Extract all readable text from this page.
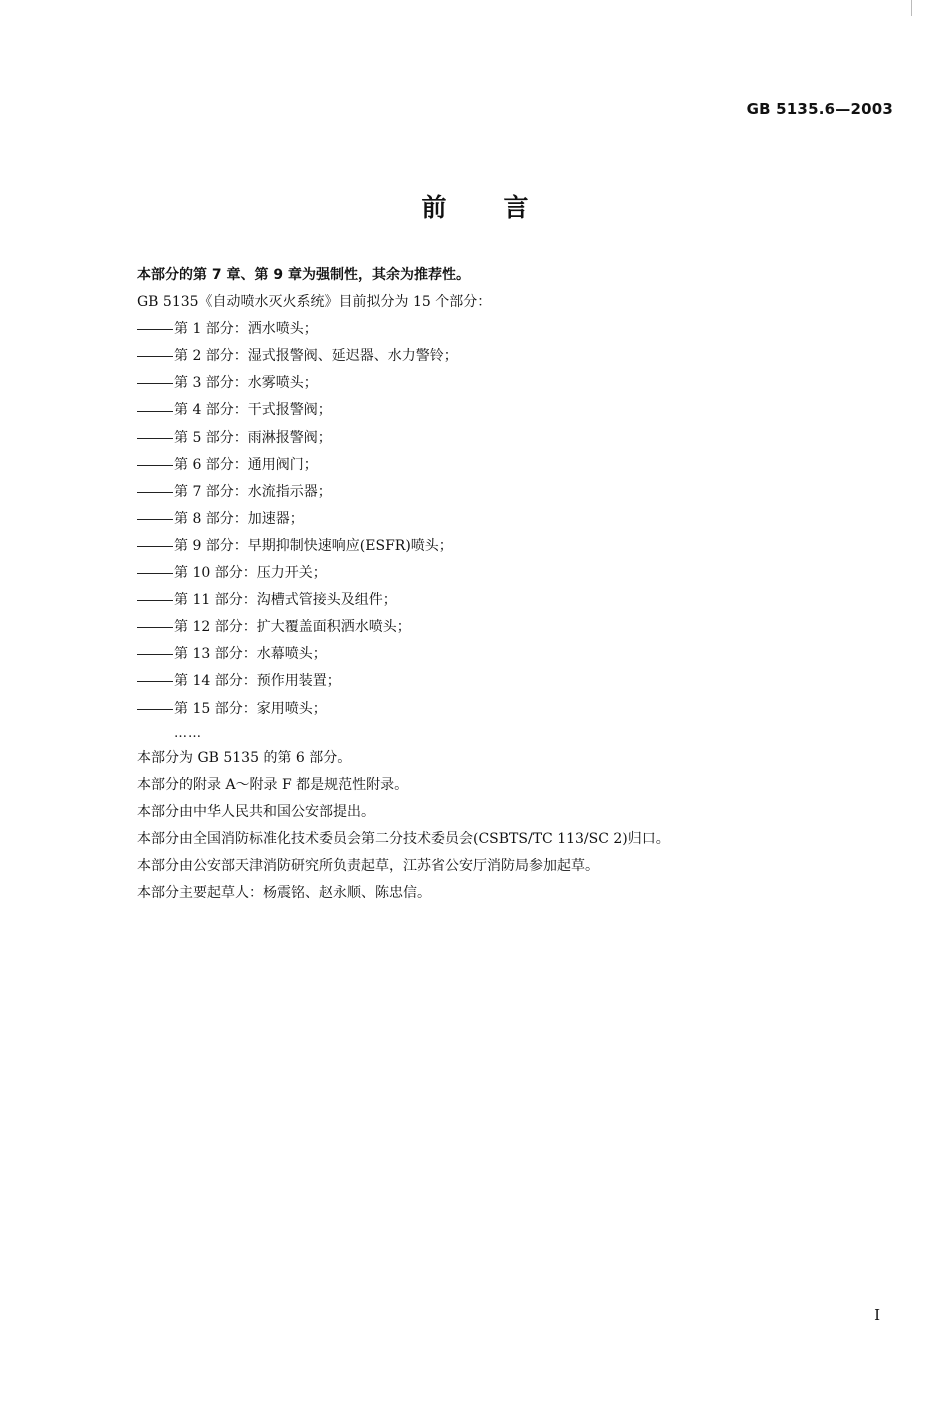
GB 5135.6—2003
前言
本部分的第 7 章、第 9 章为强制性，其余为推荐性。
GB 5135《自动喷水灭火系统》目前拟分为 15 个部分：
第 1 部分：洒水喷头；
第 2 部分：湿式报警阀、延迟器、水力警铃；
第 3 部分：水雾喷头；
第 4 部分：干式报警阀；
第 5 部分：雨淋报警阀；
第 6 部分：通用阀门；
第 7 部分：水流指示器；
第 8 部分：加速器；
第 9 部分：早期抑制快速响应(ESFR)喷头；
第 10 部分：压力开关；
第 11 部分：沟槽式管接头及组件；
第 12 部分：扩大覆盖面积洒水喷头；
第 13 部分：水幕喷头；
第 14 部分：预作用装置；
第 15 部分：家用喷头；
……
本部分为 GB 5135 的第 6 部分。
本部分的附录 A～附录 F 都是规范性附录。
本部分由中华人民共和国公安部提出。
本部分由全国消防标准化技术委员会第二分技术委员会(CSBTS/TC 113/SC 2)归口。
本部分由公安部天津消防研究所负责起草，江苏省公安厅消防局参加起草。
本部分主要起草人：杨震铭、赵永顺、陈忠信。
I
